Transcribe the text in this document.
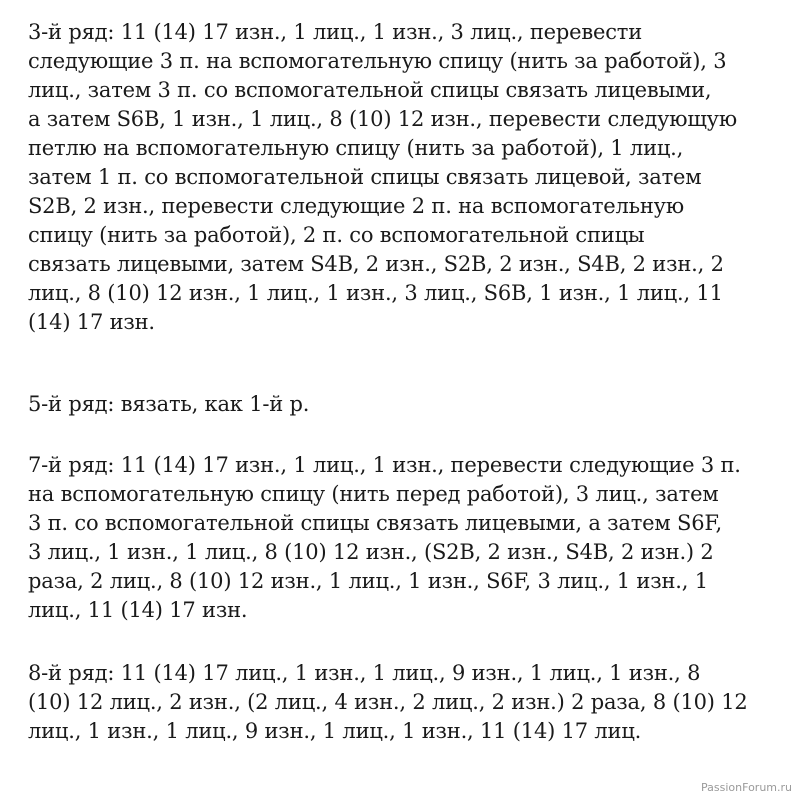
3-й ряд: 11 (14) 17 изн., 1 лиц., 1 изн., 3 лиц., перевести
следующие 3 п. на вспомогательную спицу (нить за работой), 3
лиц., затем 3 п. со вспомогательной спицы связать лицевыми,
а затем S6B, 1 изн., 1 лиц., 8 (10) 12 изн., перевести следующую
петлю на вспомогательную спицу (нить за работой), 1 лиц.,
затем 1 п. со вспомогательной спицы связать лицевой, затем
S2B, 2 изн., перевести следующие 2 п. на вспомогательную
спицу (нить за работой), 2 п. со вспомогательной спицы
связать лицевыми, затем S4B, 2 изн., S2B, 2 изн., S4B, 2 изн., 2
лиц., 8 (10) 12 изн., 1 лиц., 1 изн., 3 лиц., S6B, 1 изн., 1 лиц., 11
(14) 17 изн.
5-й ряд: вязать, как 1-й р.
7-й ряд: 11 (14) 17 изн., 1 лиц., 1 изн., перевести следующие 3 п.
на вспомогательную спицу (нить перед работой), 3 лиц., затем
3 п. со вспомогательной спицы связать лицевыми, а затем S6F,
3 лиц., 1 изн., 1 лиц., 8 (10) 12 изн., (S2B, 2 изн., S4B, 2 изн.) 2
раза, 2 лиц., 8 (10) 12 изн., 1 лиц., 1 изн., S6F, 3 лиц., 1 изн., 1
лиц., 11 (14) 17 изн.
8-й ряд: 11 (14) 17 лиц., 1 изн., 1 лиц., 9 изн., 1 лиц., 1 изн., 8
(10) 12 лиц., 2 изн., (2 лиц., 4 изн., 2 лиц., 2 изн.) 2 раза, 8 (10) 12
лиц., 1 изн., 1 лиц., 9 изн., 1 лиц., 1 изн., 11 (14) 17 лиц.
PassionForum.ru
